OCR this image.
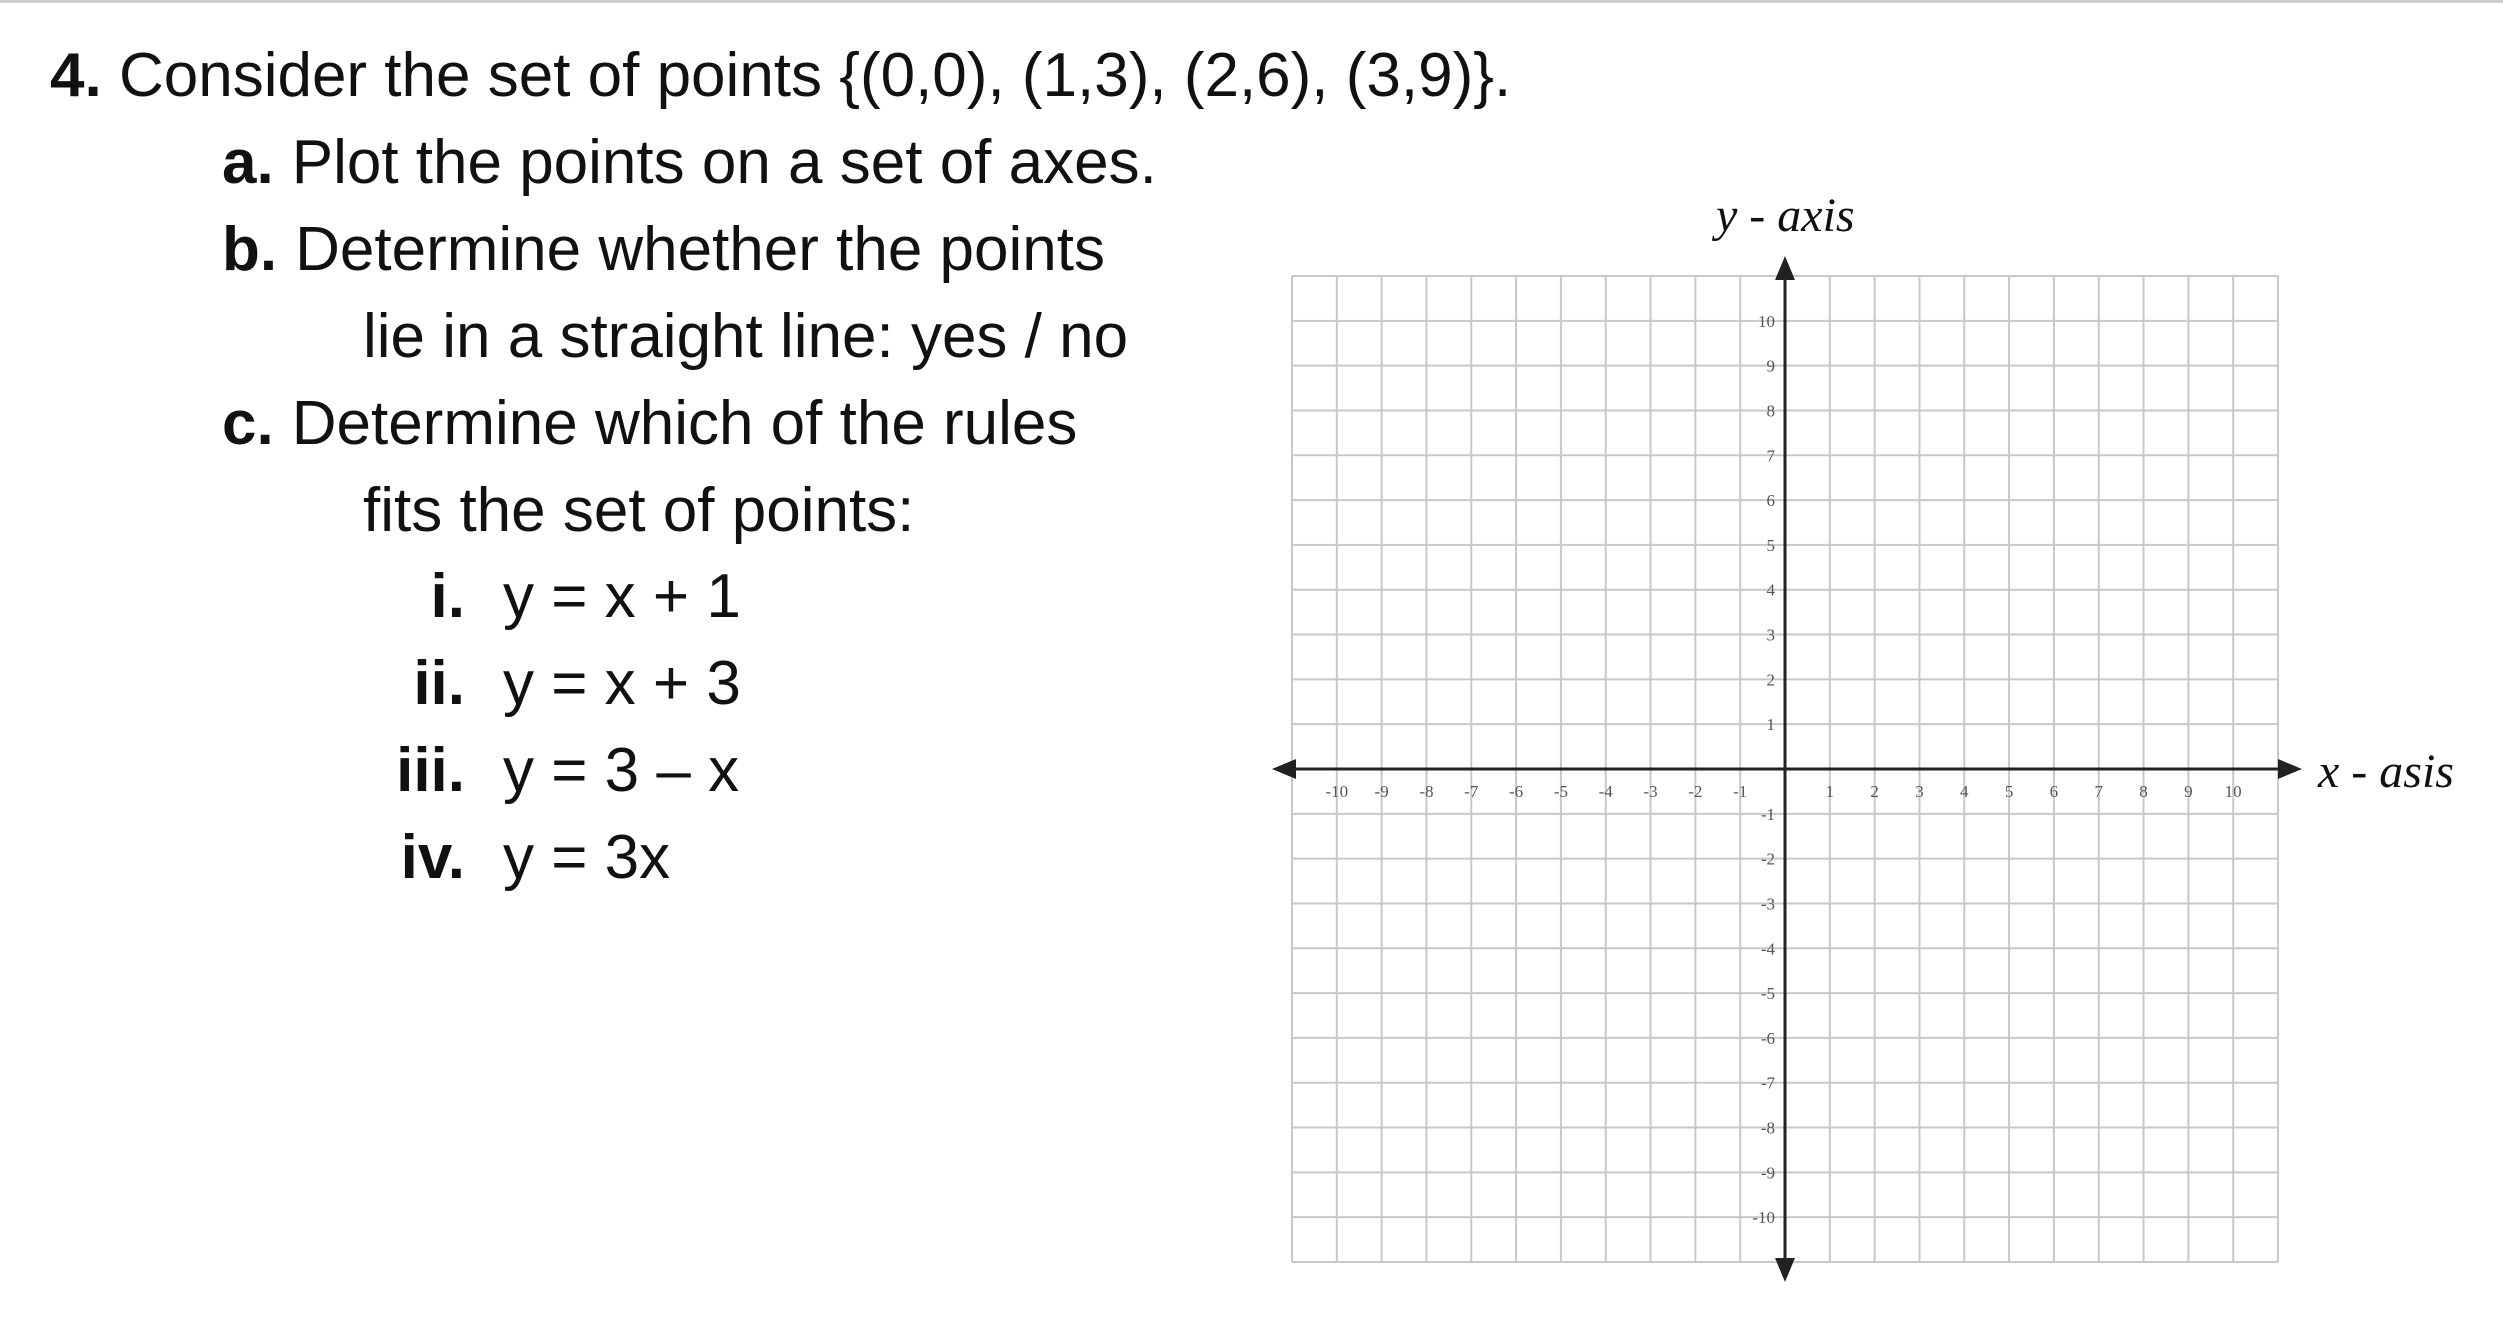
4. Consider the set of points {(0,0), (1,3), (2,6), (3,9)}.
a. Plot the points on a set of axes.
b. Determine whether the points
lie in a straight line: yes / no
c. Determine which of the rules
fits the set of points:
i. y = x + 1
ii. y = x + 3
iii. y = 3 – x
iv. y = 3x
y - axis
x - asis
-10 -9 -8 -7 -6 -5 -4 -3 -2 -1	1 2 3 4 5 6 7 8 9 10
10
9
8
7
6
5
4
3
2
1
-1
-2
-3
-4
-5
-6
-7
-8
-9
-10
